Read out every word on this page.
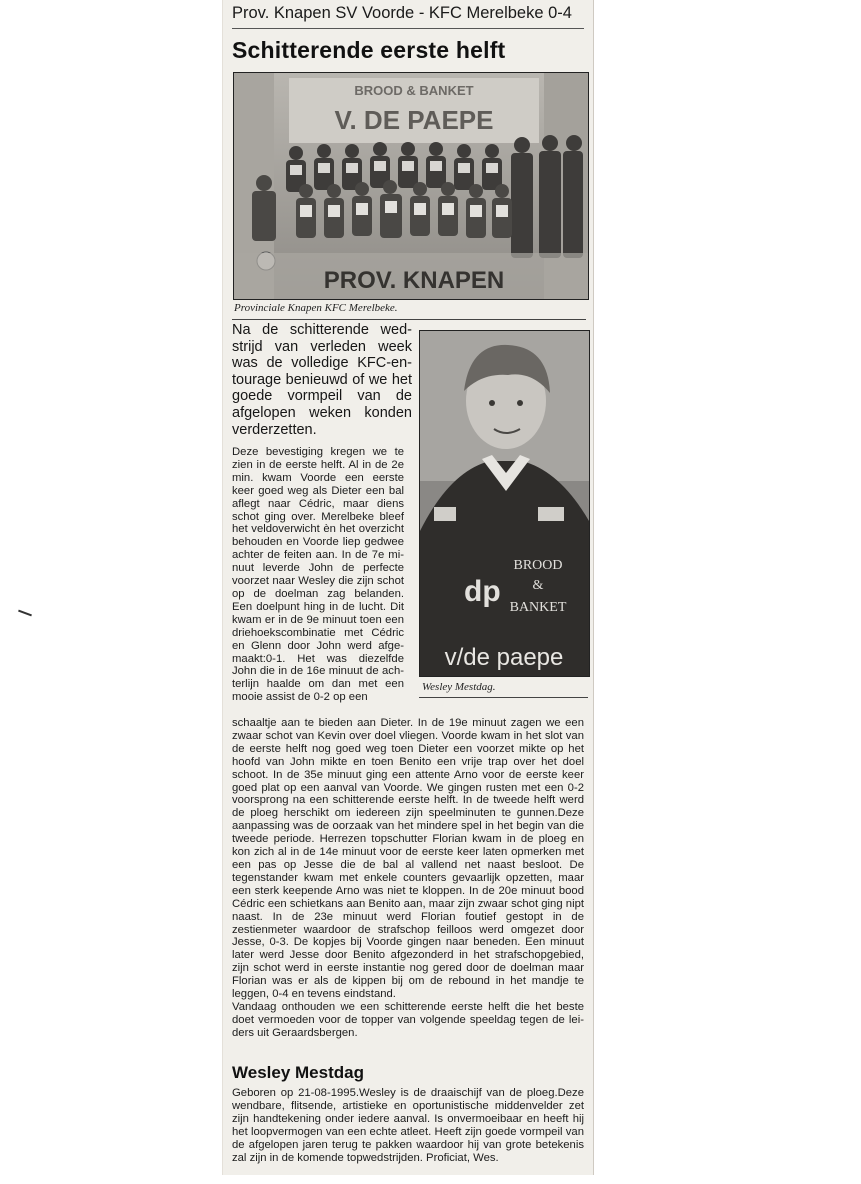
Prov. Knapen SV Voorde - KFC Merelbeke 0-4
Schitterende eerste helft
BROOD & BANKET
V. DE PAEPE
PROV. KNAPEN
Provinciale Knapen KFC Merelbeke.
Na de schitterende wedstrijd van verleden week was de volledige KFC-entourage benieuwd of we het goede vormpeil van de afgelopen weken konden verderzetten.
dp
BROOD
&
BANKET
v/de paepe
Wesley Mestdag.
Deze bevestiging kregen we te zien in de eerste helft. Al in de 2e min. kwam Voorde een eerste keer goed weg als Dieter een bal aflegt naar Cédric, maar diens schot ging over. Merelbeke bleef het veldoverwicht èn het overzicht behouden en Voorde liep gedwee achter de feiten aan. In de 7e minuut leverde John de perfecte voorzet naar Wesley die zijn schot op de doelman zag belanden. Een doelpunt hing in de lucht. Dit kwam er in de 9e minuut toen een driehoekscombinatie met Cédric en Glenn door John werd afgemaakt:0-1. Het was diezelfde John die in de 16e minuut de achterlijn haalde om dan met een mooie assist de 0-2 op een

schaaltje aan te bieden aan Dieter. In de 19e minuut zagen we een zwaar schot van Kevin over doel vliegen. Voorde kwam in het slot van de eerste helft nog goed weg toen Dieter een voorzet mikte op het hoofd van John mikte en toen Benito een vrije trap over het doel schoot. In de 35e minuut ging een attente Arno voor de eerste keer goed plat op een aanval van Voorde. We gingen rusten met een 0-2 voorsprong na een schitterende eerste helft. In de tweede helft werd de ploeg herschikt om iedereen zijn speelminuten te gunnen.Deze aanpassing was de oorzaak van het mindere spel in het begin van die tweede periode. Herrezen topschutter Florian kwam in de ploeg en kon zich al in de 14e minuut voor de eerste keer laten opmerken met een pas op Jesse die de bal al vallend net naast besloot. De tegenstander kwam met enkele counters gevaarlijk opzetten, maar een sterk keepende Arno was niet te kloppen. In de 20e minuut bood Cédric een schietkans aan Benito aan, maar zijn zwaar schot ging nipt naast. In de 23e minuut werd Florian foutief gestopt in de zestienmeter waardoor de strafschop feilloos werd omgezet door Jesse, 0-3. De kopjes bij Voorde gingen naar beneden. Een minuut later werd Jesse door Benito afgezonderd in het strafschopgebied, zijn schot werd in eerste instantie nog gered door de doelman maar Florian was er als de kippen bij om de rebound in het mandje te leggen, 0-4 en tevens eindstand.

Vandaag onthouden we een schitterende eerste helft die het beste doet vermoeden voor de topper van volgende speeldag tegen de leiders uit Geraardsbergen.

Wesley Mestdag
Geboren op 21-08-1995.Wesley is de draaischijf van de ploeg.Deze wendbare, flitsende, artistieke en oportunistische middenvelder zet zijn handtekening onder iedere aanval. Is onvermoeibaar en heeft hij het loopvermogen van een echte atleet. Heeft zijn goede vormpeil van de afgelopen jaren terug te pakken waardoor hij van grote betekenis zal zijn in de komende topwedstrijden. Proficiat, Wes.
